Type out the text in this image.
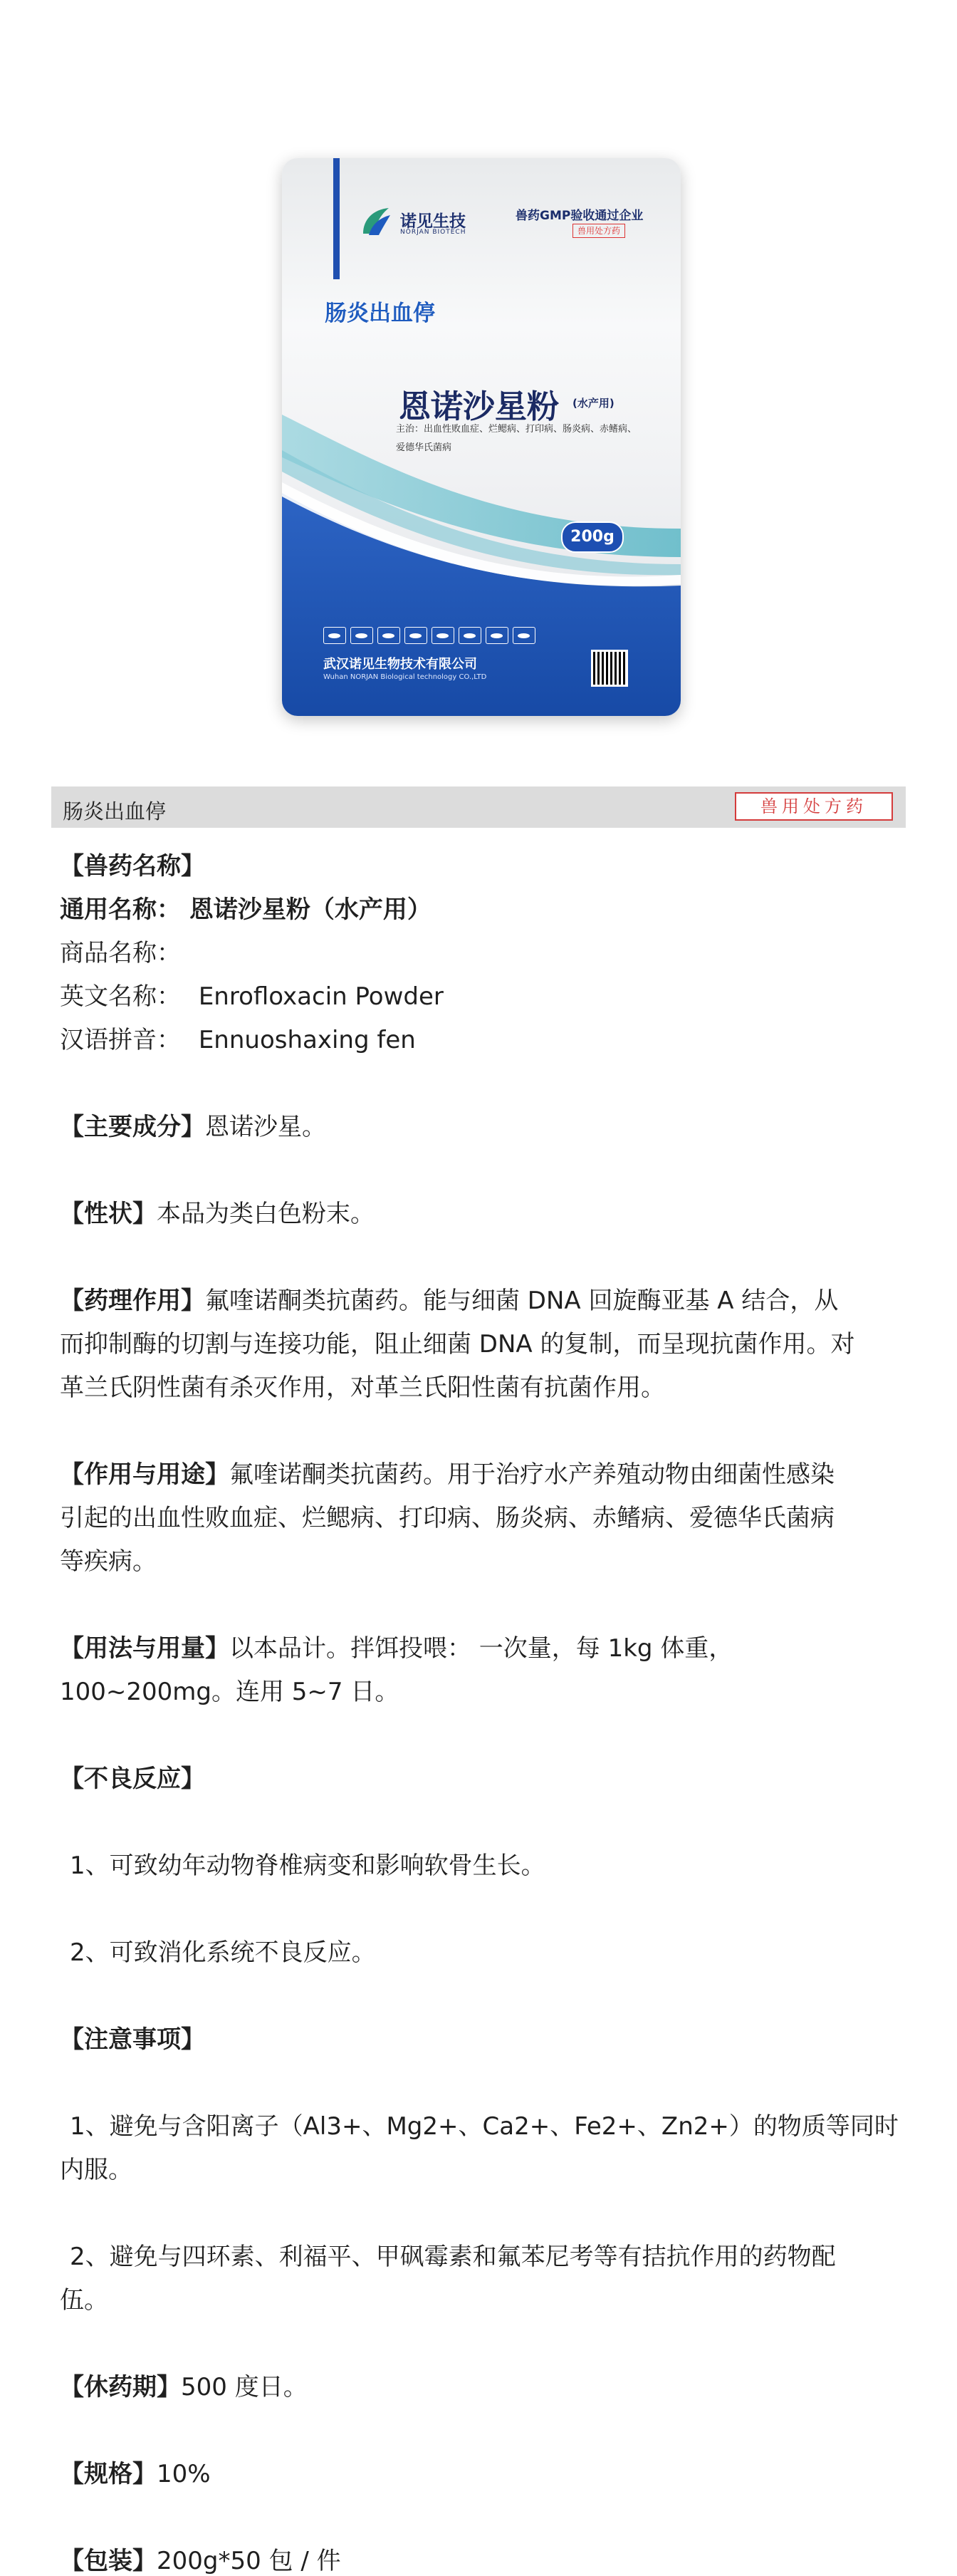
诺见生技
NORJAN BIOTECH
兽药GMP验收通过企业
兽用处方药
肠炎出血停
恩诺沙星粉 (水产用)
主治：出血性败血症、烂鳃病、打印病、肠炎病、赤鳍病、爱德华氏菌病
200g
武汉诺见生物技术有限公司
Wuhan NORJAN Biological technology CO.,LTD
肠炎出血停	兽用处方药
【兽药名称】
通用名称： 恩诺沙星粉（水产用）
商品名称：
英文名称： Enrofloxacin Powder
汉语拼音： Ennuoshaxing fen
【主要成分】恩诺沙星。
【性状】本品为类白色粉末。
【药理作用】氟喹诺酮类抗菌药。能与细菌 DNA 回旋酶亚基 A 结合，从
而抑制酶的切割与连接功能，阻止细菌 DNA 的复制，而呈现抗菌作用。对
革兰氏阴性菌有杀灭作用，对革兰氏阳性菌有抗菌作用。
【作用与用途】氟喹诺酮类抗菌药。用于治疗水产养殖动物由细菌性感染
引起的出血性败血症、烂鳃病、打印病、肠炎病、赤鳍病、爱德华氏菌病
等疾病。
【用法与用量】以本品计。拌饵投喂： 一次量，每 1kg 体重，
100~200mg。连用 5~7 日。
【不良反应】
1、可致幼年动物脊椎病变和影响软骨生长。
2、可致消化系统不良反应。
【注意事项】
1、避免与含阳离子（Al3+、Mg2+、Ca2+、Fe2+、Zn2+）的物质等同时
内服。
2、避免与四环素、利福平、甲砜霉素和氟苯尼考等有拮抗作用的药物配
伍。
【休药期】500 度日。
【规格】10%
【包装】200g*50 包 / 件
